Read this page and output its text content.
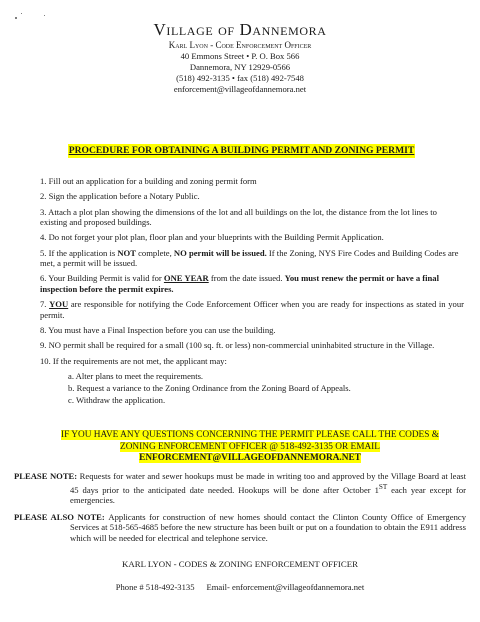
Village of Dannemora
Karl Lyon - Code Enforcement Officer
40 Emmons Street • P. O. Box 566
Dannemora, NY 12929-0566
(518) 492-3135 • fax (518) 492-7548
enforcement@villageofdannemora.net
PROCEDURE FOR OBTAINING A BUILDING PERMIT AND ZONING PERMIT

1. Fill out an application for a building and zoning permit form

2. Sign the application before a Notary Public.

3. Attach a plot plan showing the dimensions of the lot and all buildings on the lot, the distance from the lot lines to existing and proposed buildings.

4. Do not forget your plot plan, floor plan and your blueprints with the Building Permit Application.

5. If the application is NOT complete, NO permit will be issued. If the Zoning, NYS Fire Codes and Building Codes are met, a permit will be issued.

6. Your Building Permit is valid for ONE YEAR from the date issued. You must renew the permit or have a final inspection before the permit expires.

7. YOU are responsible for notifying the Code Enforcement Officer when you are ready for inspections as stated in your permit.

8. You must have a Final Inspection before you can use the building.

9. NO permit shall be required for a small (100 sq. ft. or less) non-commercial uninhabited structure in the Village.

10. If the requirements are not met, the applicant may:

a. Alter plans to meet the requirements.

b. Request a variance to the Zoning Ordinance from the Zoning Board of Appeals.

c. Withdraw the application.

IF YOU HAVE ANY QUESTIONS CONCERNING THE PERMIT PLEASE CALL THE CODES &
ZONING ENFORCEMENT OFFICER @ 518-492-3135 OR EMAIL
ENFORCEMENT@VILLAGEOFDANNEMORA.NET
PLEASE NOTE: Requests for water and sewer hookups must be made in writing too and approved by the Village Board at least 45 days prior to the anticipated date needed. Hookups will be done after October 1ST each year except for emergencies.
PLEASE ALSO NOTE: Applicants for construction of new homes should contact the Clinton County Office of Emergency Services at 518-565-4685 before the new structure has been built or put on a foundation to obtain the E911 address which will be needed for electrical and telephone service.
KARL LYON - CODES & ZONING ENFORCEMENT OFFICER
Phone # 518-492-3135 Email- enforcement@villageofdannemora.net
